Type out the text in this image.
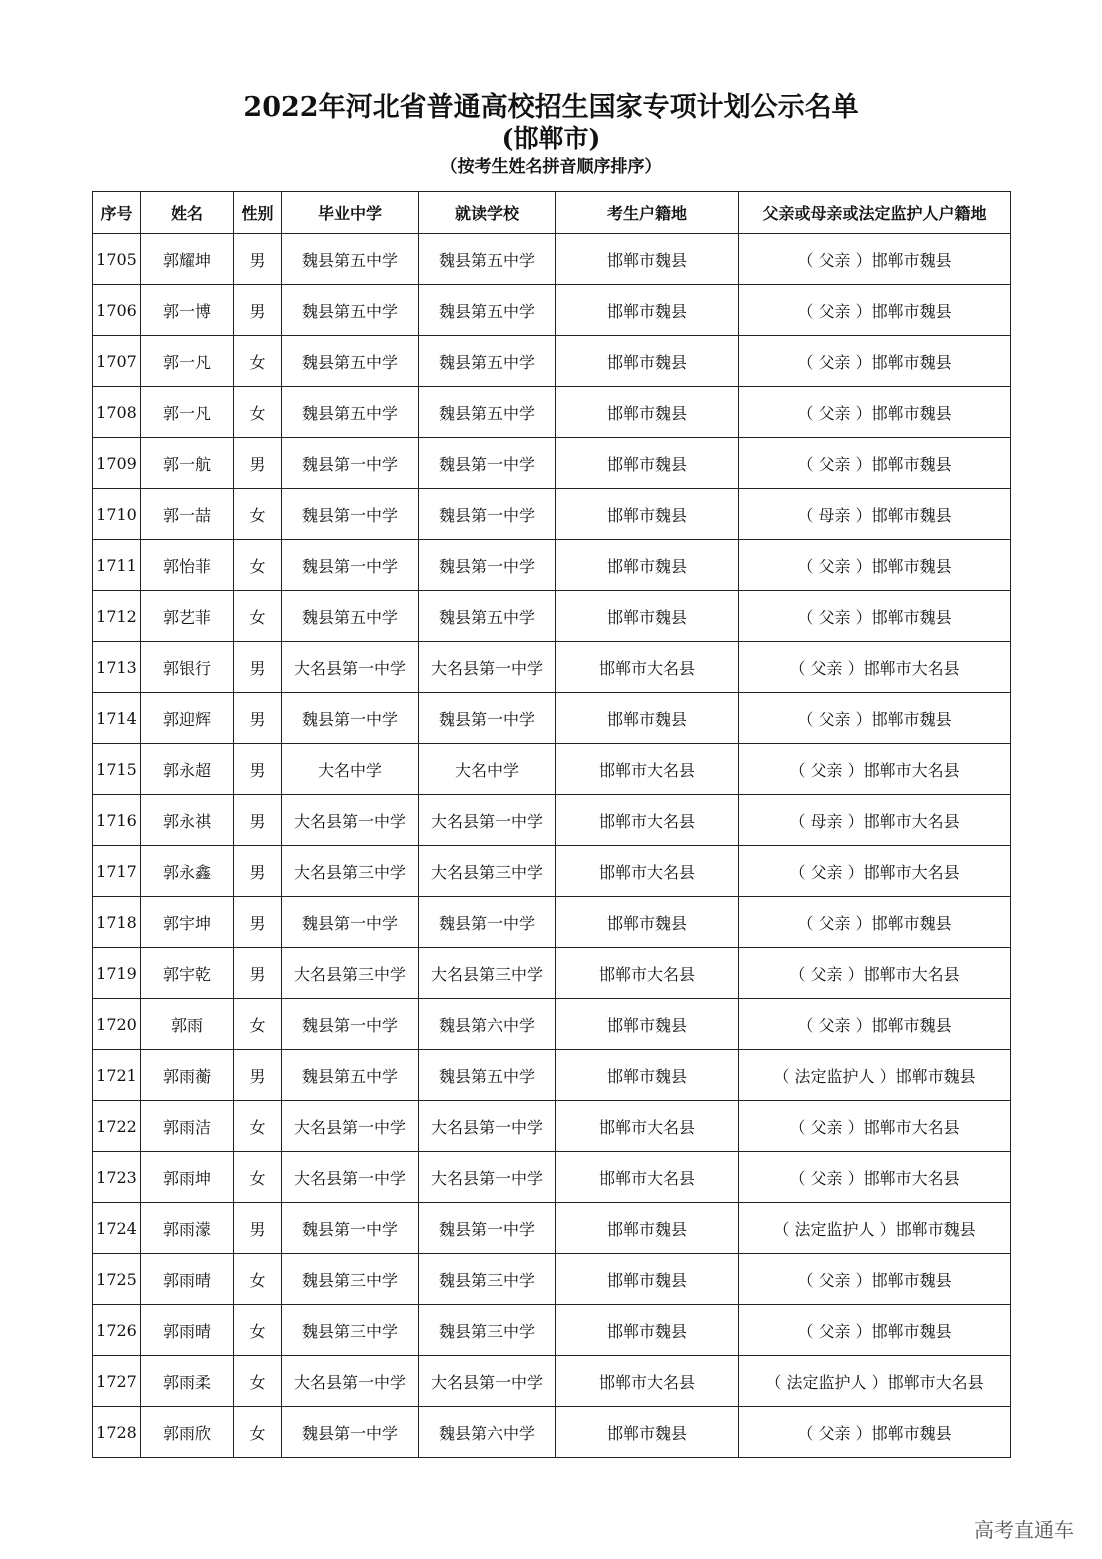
2022年河北省普通高校招生国家专项计划公示名单
(邯郸市)
（按考生姓名拼音顺序排序）
序号	姓名	性别	毕业中学	就读学校	考生户籍地	父亲或母亲或法定监护人户籍地
1705	郭耀坤	男	魏县第五中学	魏县第五中学	邯郸市魏县	（ 父亲 ）邯郸市魏县
1706	郭一博	男	魏县第五中学	魏县第五中学	邯郸市魏县	（ 父亲 ）邯郸市魏县
1707	郭一凡	女	魏县第五中学	魏县第五中学	邯郸市魏县	（ 父亲 ）邯郸市魏县
1708	郭一凡	女	魏县第五中学	魏县第五中学	邯郸市魏县	（ 父亲 ）邯郸市魏县
1709	郭一航	男	魏县第一中学	魏县第一中学	邯郸市魏县	（ 父亲 ）邯郸市魏县
1710	郭一喆	女	魏县第一中学	魏县第一中学	邯郸市魏县	（ 母亲 ）邯郸市魏县
1711	郭怡菲	女	魏县第一中学	魏县第一中学	邯郸市魏县	（ 父亲 ）邯郸市魏县
1712	郭艺菲	女	魏县第五中学	魏县第五中学	邯郸市魏县	（ 父亲 ）邯郸市魏县
1713	郭银行	男	大名县第一中学	大名县第一中学	邯郸市大名县	（ 父亲 ）邯郸市大名县
1714	郭迎辉	男	魏县第一中学	魏县第一中学	邯郸市魏县	（ 父亲 ）邯郸市魏县
1715	郭永超	男	大名中学	大名中学	邯郸市大名县	（ 父亲 ）邯郸市大名县
1716	郭永祺	男	大名县第一中学	大名县第一中学	邯郸市大名县	（ 母亲 ）邯郸市大名县
1717	郭永鑫	男	大名县第三中学	大名县第三中学	邯郸市大名县	（ 父亲 ）邯郸市大名县
1718	郭宇坤	男	魏县第一中学	魏县第一中学	邯郸市魏县	（ 父亲 ）邯郸市魏县
1719	郭宇乾	男	大名县第三中学	大名县第三中学	邯郸市大名县	（ 父亲 ）邯郸市大名县
1720	郭雨	女	魏县第一中学	魏县第六中学	邯郸市魏县	（ 父亲 ）邯郸市魏县
1721	郭雨蘅	男	魏县第五中学	魏县第五中学	邯郸市魏县	（ 法定监护人 ）邯郸市魏县
1722	郭雨洁	女	大名县第一中学	大名县第一中学	邯郸市大名县	（ 父亲 ）邯郸市大名县
1723	郭雨坤	女	大名县第一中学	大名县第一中学	邯郸市大名县	（ 父亲 ）邯郸市大名县
1724	郭雨濛	男	魏县第一中学	魏县第一中学	邯郸市魏县	（ 法定监护人 ）邯郸市魏县
1725	郭雨晴	女	魏县第三中学	魏县第三中学	邯郸市魏县	（ 父亲 ）邯郸市魏县
1726	郭雨晴	女	魏县第三中学	魏县第三中学	邯郸市魏县	（ 父亲 ）邯郸市魏县
1727	郭雨柔	女	大名县第一中学	大名县第一中学	邯郸市大名县	（ 法定监护人 ）邯郸市大名县
1728	郭雨欣	女	魏县第一中学	魏县第六中学	邯郸市魏县	（ 父亲 ）邯郸市魏县
高考直通车
